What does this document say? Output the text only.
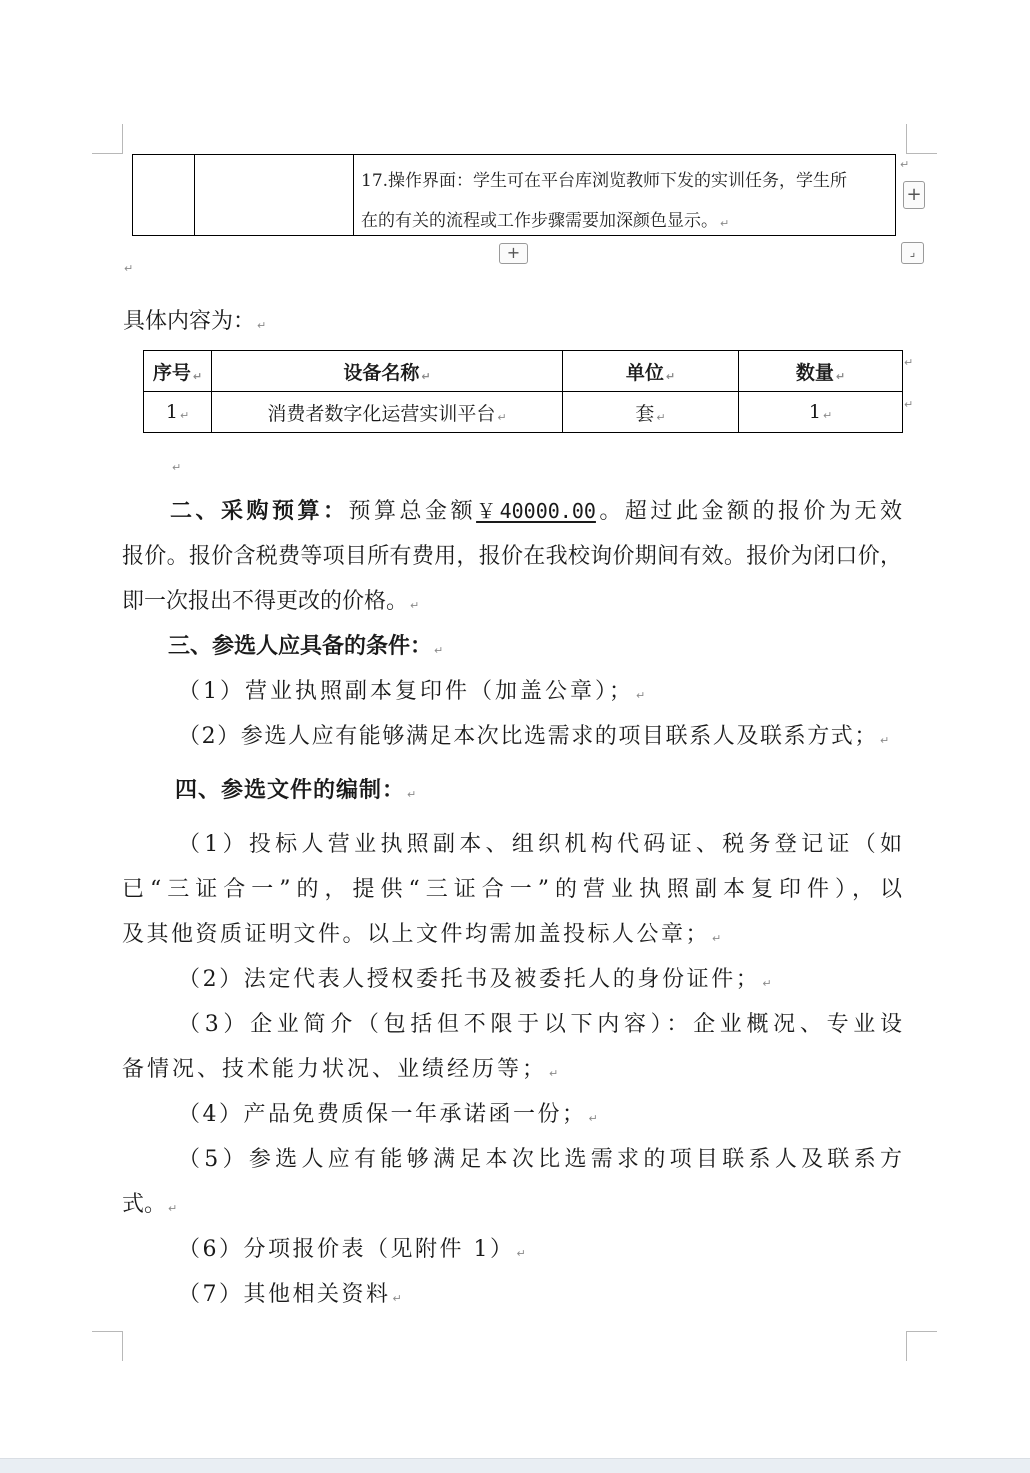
17.操作界面：学生可在平台库浏览教师下发的实训任务，学生所
在的有关的流程或工作步骤需要加深颜色显示。 ↵
↵
+
+	⌟
↵
具体内容为： ↵
序号 ↵	设备名称 ↵	单位 ↵	数量 ↵
1 ↵	消费者数字化运营实训平台 ↵	套 ↵	1 ↵
↵
↵
↵
二、采购预算：预算总金额￥40000.00。超过此金额的报价为无效
报价。报价含税费等项目所有费用，报价在我校询价期间有效。报价为闭口价，
即一次报出不得更改的价格。 ↵
三、参选人应具备的条件： ↵
（1）营业执照副本复印件（加盖公章）； ↵
（2）参选人应有能够满足本次比选需求的项目联系人及联系方式； ↵
四、参选文件的编制： ↵
（1）投标人营业执照副本、组织机构代码证、税务登记证（如
已“三证合一”的，提供“三证合一”的营业执照副本复印件），以
及其他资质证明文件。以上文件均需加盖投标人公章； ↵
（2）法定代表人授权委托书及被委托人的身份证件； ↵
（3）企业简介（包括但不限于以下内容）：企业概况、专业设
备情况、技术能力状况、业绩经历等； ↵
（4）产品免费质保一年承诺函一份； ↵
（5）参选人应有能够满足本次比选需求的项目联系人及联系方
式。 ↵
（6）分项报价表（见附件 1） ↵
（7）其他相关资料 ↵
